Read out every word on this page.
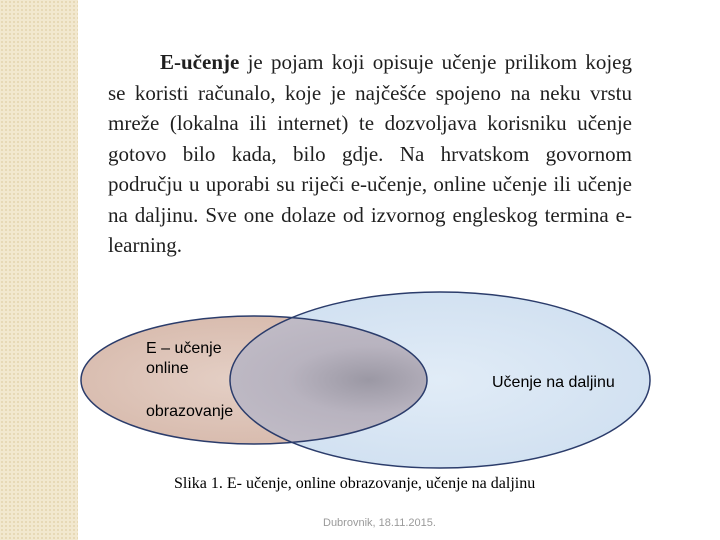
E-učenje je pojam koji opisuje učenje prilikom kojeg se koristi računalo, koje je najčešće spojeno na neku vrstu mreže (lokalna ili internet) te dozvoljava korisniku učenje gotovo bilo kada, bilo gdje. Na hrvatskom govornom području u uporabi su riječi e-učenje, online učenje ili učenje na daljinu. Sve one dolaze od izvornog engleskog termina e-learning.

E – učenje online

Učenje na daljinu

obrazovanje

Slika 1. E- učenje, online obrazovanje, učenje na daljinu

Dubrovnik, 18.11.2015.
